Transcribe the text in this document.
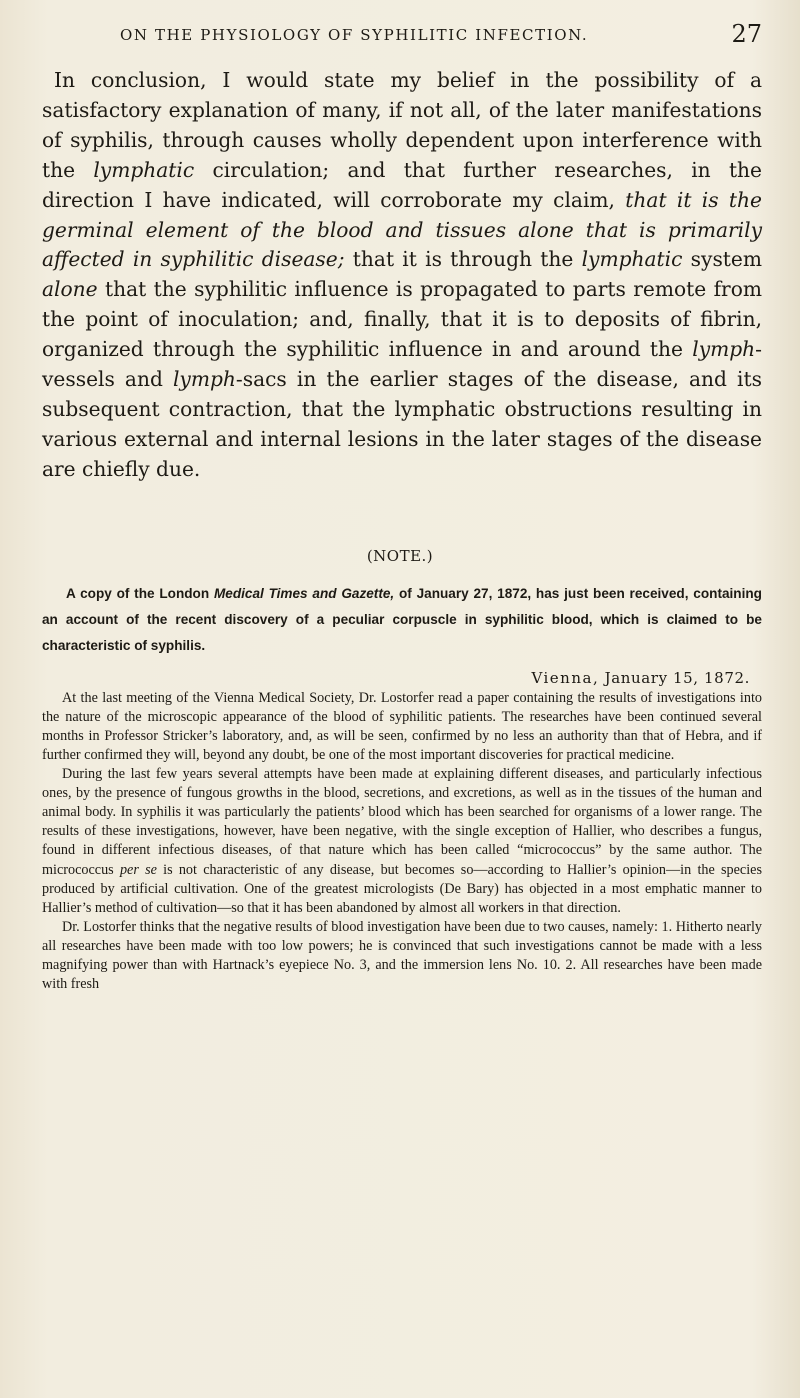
ON THE PHYSIOLOGY OF SYPHILITIC INFECTION.	27

In conclusion, I would state my belief in the possibility of a satisfactory explanation of many, if not all, of the later manifestations of syphilis, through causes wholly dependent upon interference with the lymphatic circulation; and that further researches, in the direction I have indicated, will corroborate my claim, that it is the germinal element of the blood and tissues alone that is primarily affected in syphilitic disease; that it is through the lymphatic system alone that the syphilitic influence is propagated to parts remote from the point of inoculation; and, finally, that it is to deposits of fibrin, organized through the syphilitic influence in and around the lymph-vessels and lymph-sacs in the earlier stages of the disease, and its subsequent contraction, that the lymphatic obstructions resulting in various external and internal lesions in the later stages of the disease are chiefly due.

(NOTE.)

A copy of the London Medical Times and Gazette, of January 27, 1872, has just been received, containing an account of the recent discovery of a peculiar corpuscle in syphilitic blood, which is claimed to be characteristic of syphilis.

Vienna, January 15, 1872.

At the last meeting of the Vienna Medical Society, Dr. Lostorfer read a paper containing the results of investigations into the nature of the microscopic appearance of the blood of syphilitic patients. The researches have been continued several months in Professor Stricker’s laboratory, and, as will be seen, confirmed by no less an authority than that of Hebra, and if further confirmed they will, beyond any doubt, be one of the most important discoveries for practical medicine.

During the last few years several attempts have been made at explaining different diseases, and particularly infectious ones, by the presence of fungous growths in the blood, secretions, and excretions, as well as in the tissues of the human and animal body. In syphilis it was particularly the patients’ blood which has been searched for organisms of a lower range. The results of these investigations, however, have been negative, with the single exception of Hallier, who describes a fungus, found in different infectious diseases, of that nature which has been called “micrococcus” by the same author. The micrococcus per se is not characteristic of any disease, but becomes so—according to Hallier’s opinion—in the species produced by artificial cultivation. One of the greatest micrologists (De Bary) has objected in a most emphatic manner to Hallier’s method of cultivation—so that it has been abandoned by almost all workers in that direction.

Dr. Lostorfer thinks that the negative results of blood investigation have been due to two causes, namely: 1. Hitherto nearly all researches have been made with too low powers; he is convinced that such investigations cannot be made with a less magnifying power than with Hartnack’s eyepiece No. 3, and the immersion lens No. 10. 2. All researches have been made with fresh
